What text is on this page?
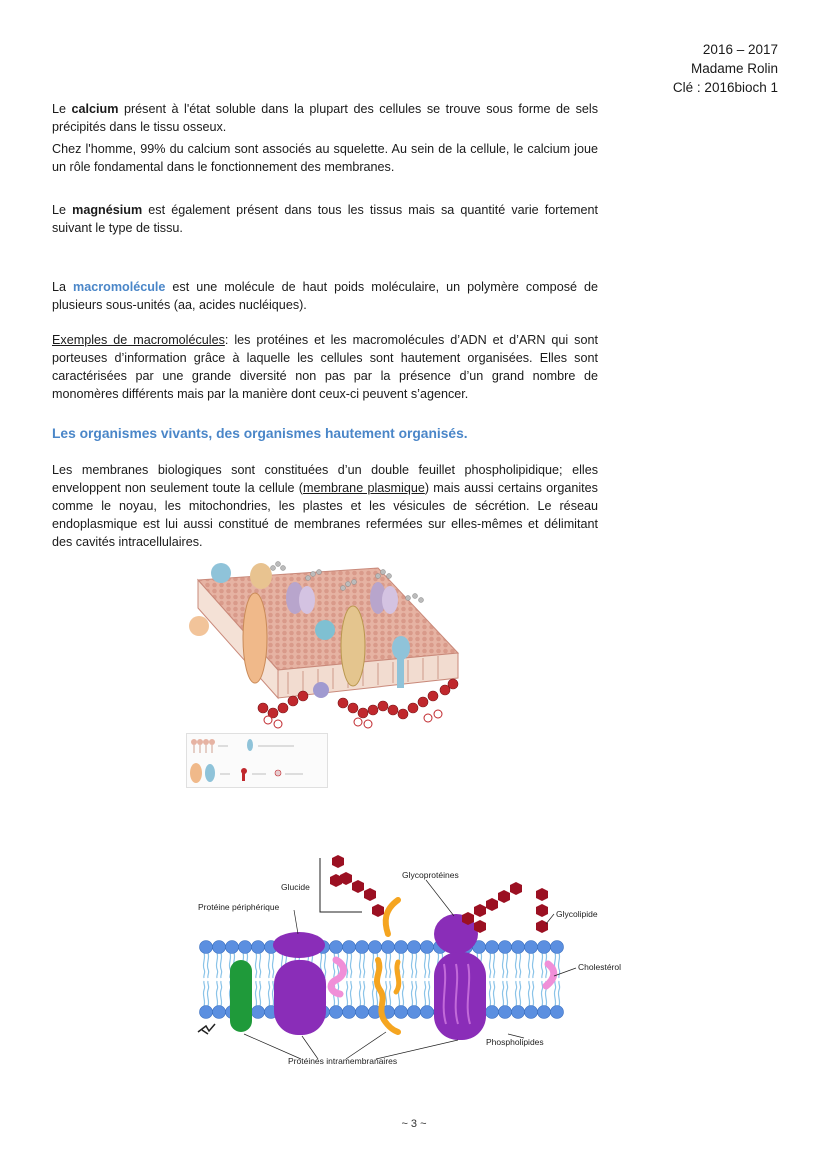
2016 – 2017
Madame Rolin
Clé : 2016bioch 1
Le calcium présent à l'état soluble dans la plupart des cellules se trouve sous forme de sels précipités dans le tissu osseux.
Chez l'homme, 99% du calcium sont associés au squelette. Au sein de la cellule, le calcium joue un rôle fondamental dans le fonctionnement des membranes.
Le magnésium est également présent dans tous les tissus mais sa quantité varie fortement suivant le type de tissu.
La macromolécule est une molécule de haut poids moléculaire, un polymère composé de plusieurs sous-unités (aa, acides nucléiques).
Exemples de macromolécules: les protéines et les macromolécules d’ADN et d’ARN qui sont porteuses d’information grâce à laquelle les cellules sont hautement organisées. Elles sont caractérisées par une grande diversité non pas par la présence d’un grand nombre de monomères différents mais par la manière dont ceux-ci peuvent s’agencer.
Les organismes vivants, des organismes hautement organisés.
Les membranes biologiques sont constituées d’un double feuillet phospholipidique; elles enveloppent non seulement toute la cellule (membrane plasmique) mais aussi certains organites comme le noyau, les mitochondries, les plastes et les vésicules de sécrétion. Le réseau endoplasmique est lui aussi constitué de membranes refermées sur elles-mêmes et délimitant des cavités intracellulaires.
Glucide
Glycoprotéines
Protéine périphérique
Glycolipide
Cholestérol
Phospholipides
Protéines intramembranaires
~ 3 ~
